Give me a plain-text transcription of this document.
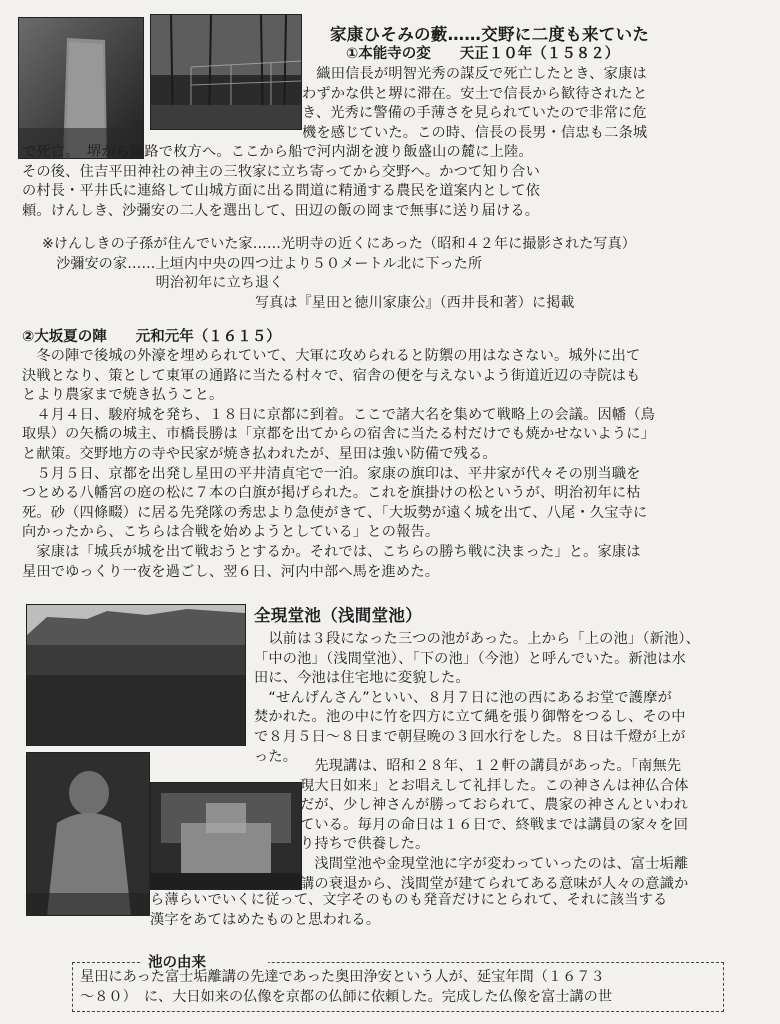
家康ひそみの藪……交野に二度も来ていた
①本能寺の変　　天正１０年（１５８２）

　織田信長が明智光秀の謀反で死亡したとき、家康は

わずかな供と堺に滞在。安土で信長から歓待されたと

き、光秀に警備の手薄さを見られていたので非常に危

機を感じていた。この時、信長の長男・信忠も二条城

で死亡。　堺から陸路で枚方へ。ここから船で河内湖を渡り飯盛山の麓に上陸。

その後、住吉平田神社の神主の三牧家に立ち寄ってから交野へ。かつて知り合い

の村長・平井氏に連絡して山城方面に出る間道に精通する農民を道案内として依

頼。けんしき、沙彌安の二人を選出して、田辺の飯の岡まで無事に送り届ける。

※けんしきの子孫が住んでいた家……光明寺の近くにあった（昭和４２年に撮影された写真）

　沙彌安の家……上垣内中央の四つ辻より５０メートル北に下った所

　　　　　　　　明治初年に立ち退く

　　　　　　　　　　　　　　　写真は『星田と徳川家康公』（西井長和著）に掲載

②大坂夏の陣　　元和元年（１６１５）

　冬の陣で後城の外濠を埋められていて、大軍に攻められると防禦の用はなさない。城外に出て

決戦となり、策として東軍の通路に当たる村々で、宿舎の便を与えないよう街道近辺の寺院はも

とより農家まで焼き払うこと。

　４月４日、駿府城を発ち、１８日に京都に到着。ここで諸大名を集めて戦略上の会議。因幡（鳥

取県）の矢橋の城主、市橋長勝は「京都を出てからの宿舎に当たる村だけでも焼かせないように」

と献策。交野地方の寺や民家が焼き払われたが、星田は強い防備で残る。

　５月５日、京都を出発し星田の平井清貞宅で一泊。家康の旗印は、平井家が代々その別当職を

つとめる八幡宮の庭の松に７本の白旗が掲げられた。これを旗掛けの松というが、明治初年に枯

死。砂（四條畷）に居る先発隊の秀忠より急使がきて、「大坂勢が遠く城を出て、八尾・久宝寺に

向かったから、こちらは合戦を始めようとしている」との報告。

　家康は「城兵が城を出て戦おうとするか。それでは、こちらの勝ち戦に決まった」と。家康は

星田でゆっくり一夜を過ごし、翌６日、河内中部へ馬を進めた。

全現堂池（浅間堂池）

　以前は３段になった三つの池があった。上から「上の池」（新池）、

「中の池」（浅間堂池）、「下の池」（今池）と呼んでいた。新池は水

田に、今池は住宅地に変貌した。

　“せんげんさん”といい、８月７日に池の西にあるお堂で護摩が

焚かれた。池の中に竹を四方に立て縄を張り御幣をつるし、その中

で８月５日～８日まで朝昼晩の３回水行をした。８日は千燈が上が

った。

　先現講は、昭和２８年、１２軒の講員があった。「南無先

現大日如来」とお唱えして礼拝した。この神さんは神仏合体

だが、少し神さんが勝っておられて、農家の神さんといわれ

ている。毎月の命日は１６日で、終戦までは講員の家々を回

り持ちで供養した。

　浅間堂池や金現堂池に字が変わっていったのは、富士垢離

講の衰退から、浅間堂が建てられてある意味が人々の意識か

ら薄らいでいくに従って、文字そのものも発音だけにとられて、それに該当する

漢字をあてはめたものと思われる。

池の由来

星田にあった富士垢離講の先達であった奥田浄安という人が、延宝年間（１６７３

～８０）　に、大日如来の仏像を京都の仏師に依頼した。完成した仏像を富士講の世
